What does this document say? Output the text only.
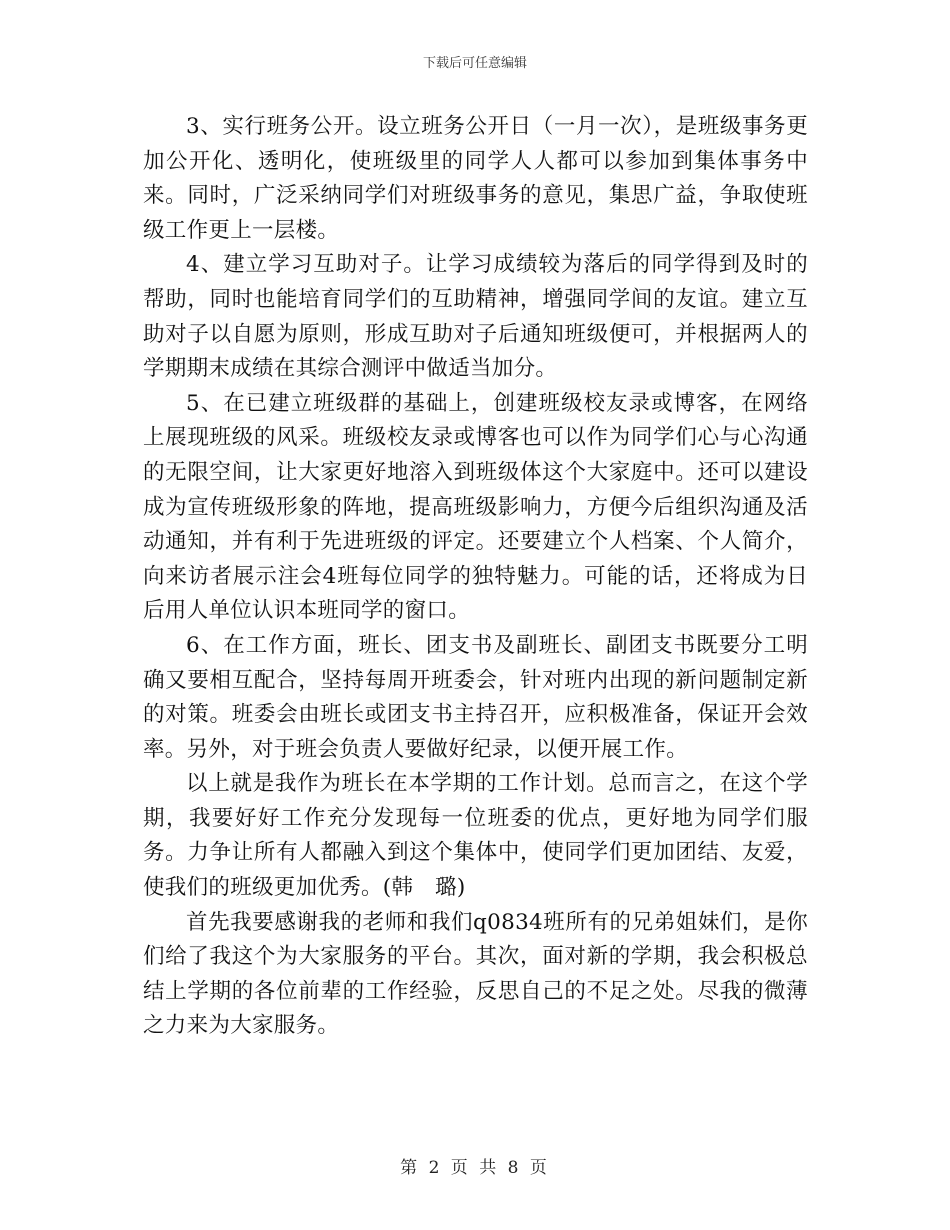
下载后可任意编辑

3、实行班务公开。设立班务公开日（一月一次），是班级事务更加公开化、透明化，使班级里的同学人人都可以参加到集体事务中来。同时，广泛采纳同学们对班级事务的意见，集思广益，争取使班级工作更上一层楼。

4、建立学习互助对子。让学习成绩较为落后的同学得到及时的帮助，同时也能培育同学们的互助精神，增强同学间的友谊。建立互助对子以自愿为原则，形成互助对子后通知班级便可，并根据两人的学期期末成绩在其综合测评中做适当加分。

5、在已建立班级群的基础上，创建班级校友录或博客，在网络上展现班级的风采。班级校友录或博客也可以作为同学们心与心沟通的无限空间，让大家更好地溶入到班级体这个大家庭中。还可以建设成为宣传班级形象的阵地，提高班级影响力，方便今后组织沟通及活动通知，并有利于先进班级的评定。还要建立个人档案、个人简介，向来访者展示注会4班每位同学的独特魅力。可能的话，还将成为日后用人单位认识本班同学的窗口。

6、在工作方面，班长、团支书及副班长、副团支书既要分工明确又要相互配合，坚持每周开班委会，针对班内出现的新问题制定新的对策。班委会由班长或团支书主持召开，应积极准备，保证开会效率。另外，对于班会负责人要做好纪录，以便开展工作。

以上就是我作为班长在本学期的工作计划。总而言之，在这个学期，我要好好工作充分发现每一位班委的优点，更好地为同学们服务。力争让所有人都融入到这个集体中，使同学们更加团结、友爱，使我们的班级更加优秀。(韩　璐)

首先我要感谢我的老师和我们q0834班所有的兄弟姐妹们，是你们给了我这个为大家服务的平台。其次，面对新的学期，我会积极总结上学期的各位前辈的工作经验，反思自己的不足之处。尽我的微薄之力来为大家服务。

第 2 页 共 8 页
